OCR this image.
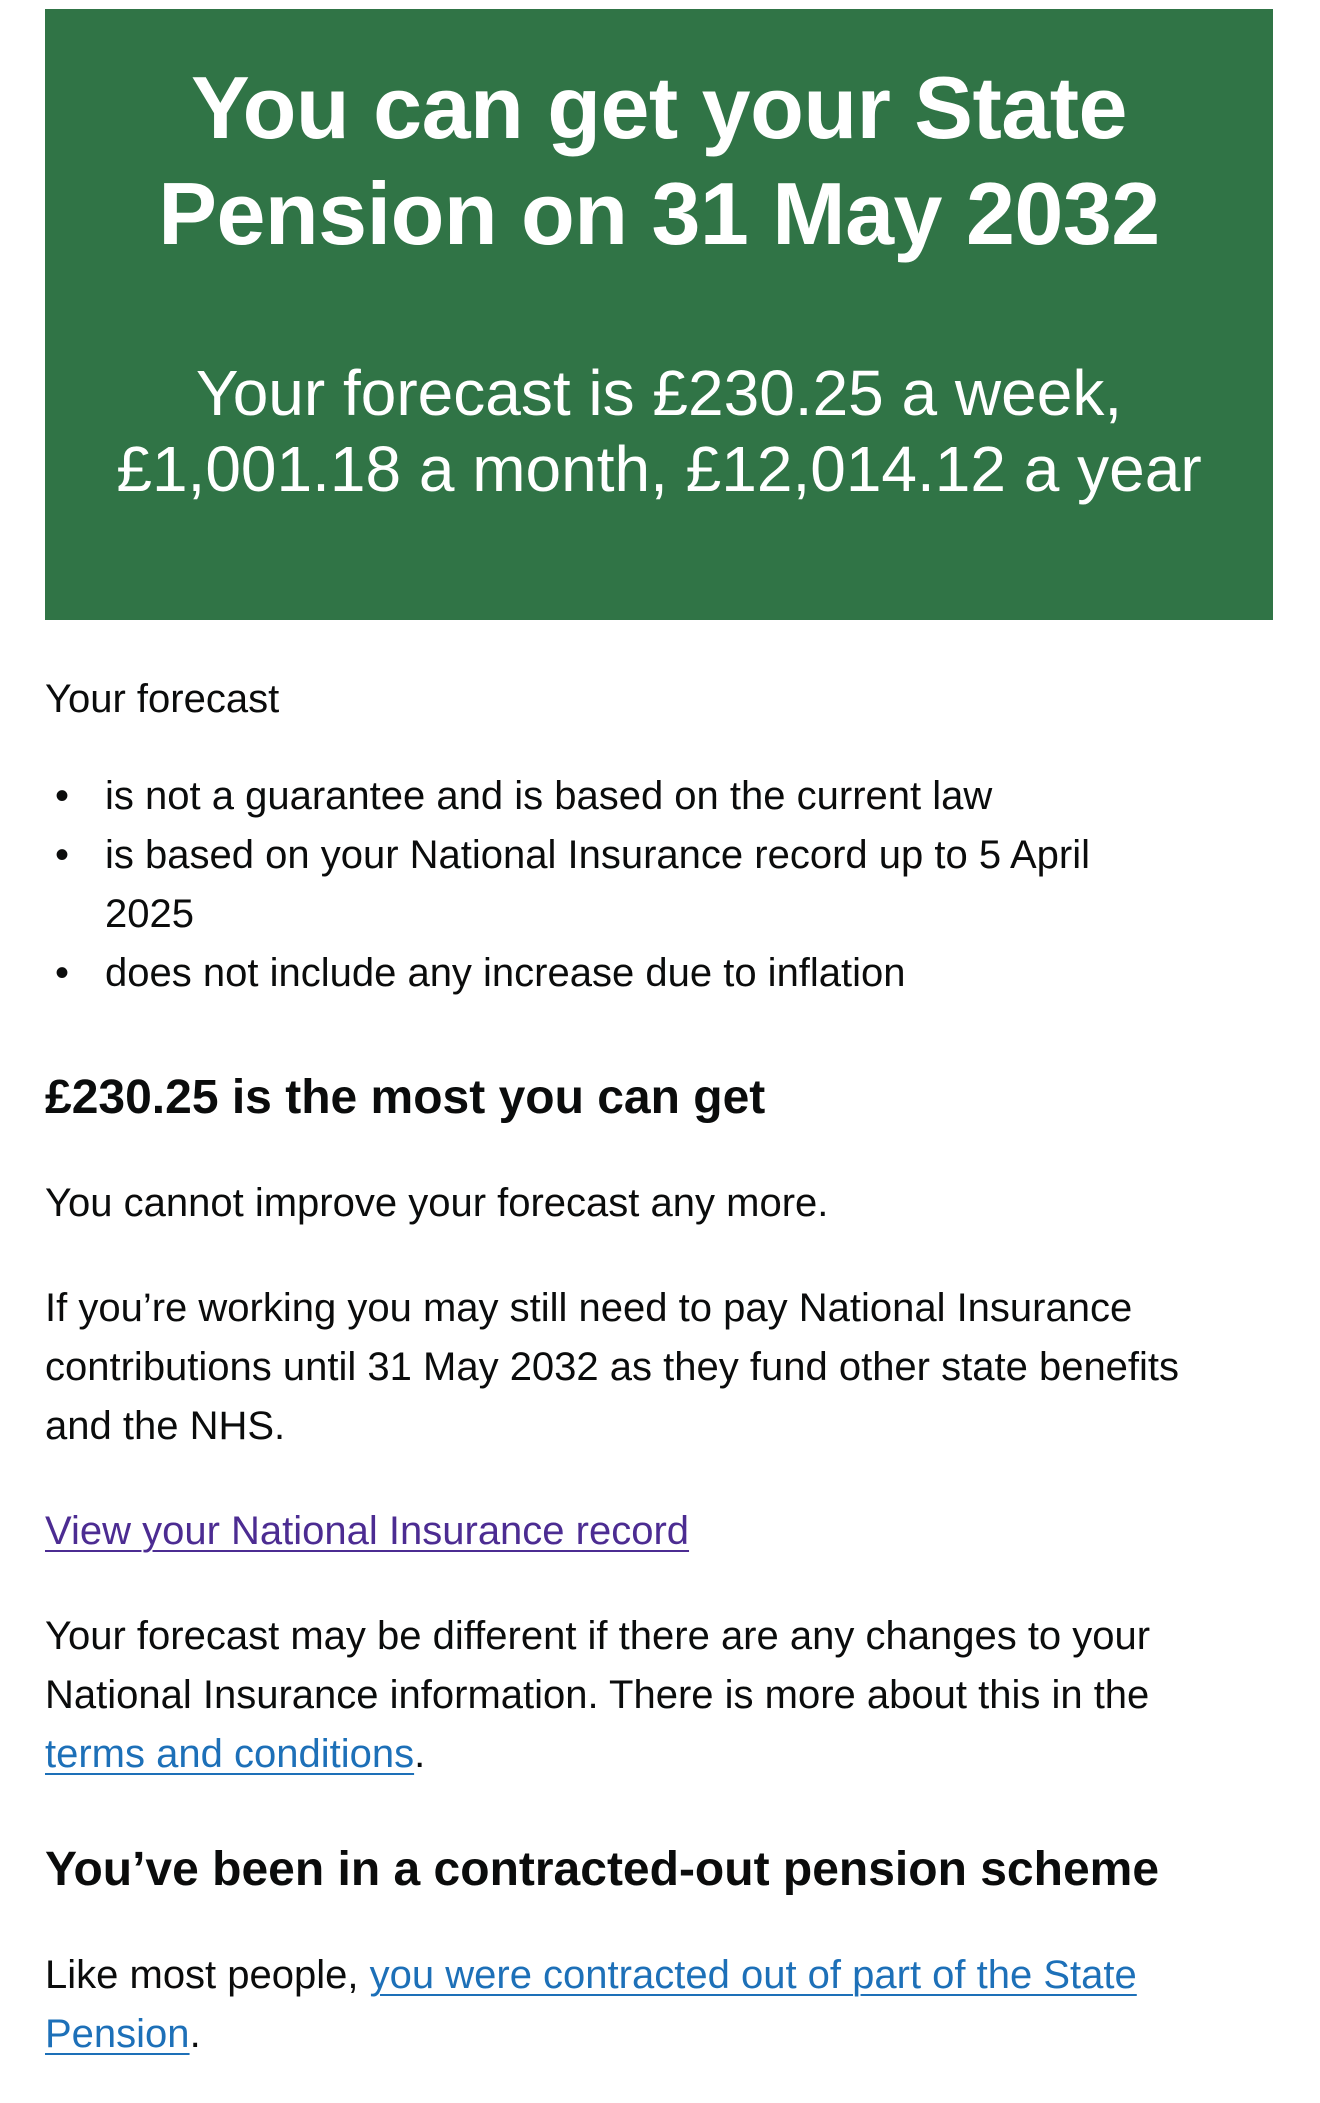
You can get your State Pension on 31 May 2032

Your forecast is £230.25 a week, £1,001.18 a month, £12,014.12 a year

Your forecast

• is not a guarantee and is based on the current law
• is based on your National Insurance record up to 5 April 2025
• does not include any increase due to inflation
£230.25 is the most you can get

You cannot improve your forecast any more.

If you’re working you may still need to pay National Insurance contributions until 31 May 2032 as they fund other state benefits and the NHS.

View your National Insurance record

Your forecast may be different if there are any changes to your National Insurance information. There is more about this in the terms and conditions.

You’ve been in a contracted-out pension scheme

Like most people, you were contracted out of part of the State Pension.
